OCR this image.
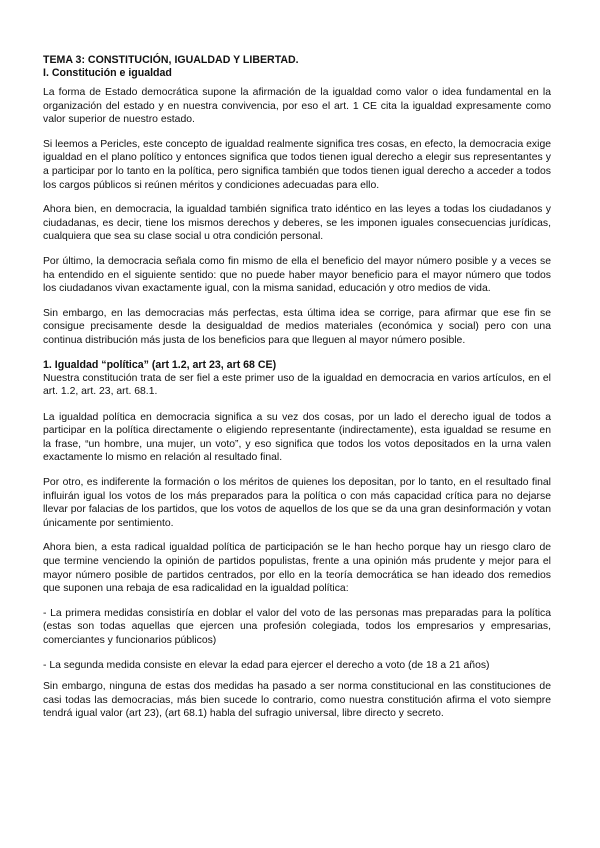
TEMA 3: CONSTITUCIÓN, IGUALDAD Y LIBERTAD.
I. Constitución e igualdad

La forma de Estado democrática supone la afirmación de la igualdad como valor o idea fundamental en la organización del estado y en nuestra convivencia, por eso el art. 1 CE cita la igualdad expresamente como valor superior de nuestro estado.

Si leemos a Pericles, este concepto de igualdad realmente significa tres cosas, en efecto, la democracia exige igualdad en el plano político y entonces significa que todos tienen igual derecho a elegir sus representantes y a participar por lo tanto en la política, pero significa también que todos tienen igual derecho a acceder a todos los cargos públicos si reúnen méritos y condiciones adecuadas para ello.

Ahora bien, en democracia, la igualdad también significa trato idéntico en las leyes a todas los ciudadanos y ciudadanas, es decir, tiene los mismos derechos y deberes, se les imponen iguales consecuencias jurídicas, cualquiera que sea su clase social u otra condición personal.

Por último, la democracia señala como fin mismo de ella el beneficio del mayor número posible y a veces se ha entendido en el siguiente sentido: que no puede haber mayor beneficio para el mayor número que todos los ciudadanos vivan exactamente igual, con la misma sanidad, educación y otro medios de vida.

Sin embargo, en las democracias más perfectas, esta última idea se corrige, para afirmar que ese fin se consigue precisamente desde la desigualdad de medios materiales (económica y social) pero con una continua distribución más justa de los beneficios para que lleguen al mayor número posible.

1. Igualdad “política” (art 1.2, art 23, art 68 CE)

Nuestra constitución trata de ser fiel a este primer uso de la igualdad en democracia en varios artículos, en el art. 1.2, art. 23, art. 68.1.

La igualdad política en democracia significa a su vez dos cosas, por un lado el derecho igual de todos a participar en la política directamente o eligiendo representante (indirectamente), esta igualdad se resume en la frase, “un hombre, una mujer, un voto”, y eso significa que todos los votos depositados en la urna valen exactamente lo mismo en relación al resultado final.

Por otro, es indiferente la formación o los méritos de quienes los depositan, por lo tanto, en el resultado final influirán igual los votos de los más preparados para la política o con más capacidad crítica para no dejarse llevar por falacias de los partidos, que los votos de aquellos de los que se da una gran desinformación y votan únicamente por sentimiento.

Ahora bien, a esta radical igualdad política de participación se le han hecho porque hay un riesgo claro de que termine venciendo la opinión de partidos populistas, frente a una opinión más prudente y mejor para el mayor número posible de partidos centrados, por ello en la teoría democrática se han ideado dos remedios que suponen una rebaja de esa radicalidad en la igualdad política:

- La primera medidas consistiría en doblar el valor del voto de las personas mas preparadas para la política (estas son todas aquellas que ejercen una profesión colegiada, todos los empresarios y empresarias, comerciantes y funcionarios públicos)

- La segunda medida consiste en elevar la edad para ejercer el derecho a voto (de 18 a 21 años)

Sin embargo, ninguna de estas dos medidas ha pasado a ser norma constitucional en las constituciones de casi todas las democracias, más bien sucede lo contrario, como nuestra constitución afirma el voto siempre tendrá igual valor (art 23), (art 68.1) habla del sufragio universal, libre directo y secreto.
